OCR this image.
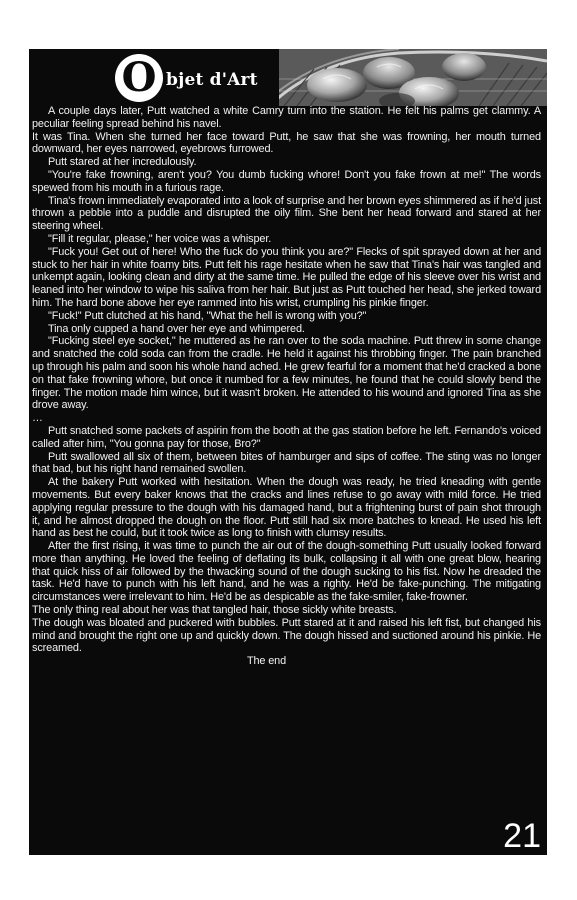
O bjet d'Art

A couple days later, Putt watched a white Camry turn into the station. He felt his palms get clammy. A peculiar feeling spread behind his navel.

It was Tina. When she turned her face toward Putt, he saw that she was frowning, her mouth turned downward, her eyes narrowed, eyebrows furrowed.

Putt stared at her incredulously.

"You're fake frowning, aren't you? You dumb fucking whore! Don't you fake frown at me!" The words spewed from his mouth in a furious rage.

Tina's frown immediately evaporated into a look of surprise and her brown eyes shimmered as if he'd just thrown a pebble into a puddle and disrupted the oily film. She bent her head forward and stared at her steering wheel.

"Fill it regular, please," her voice was a whisper.

"Fuck you! Get out of here! Who the fuck do you think you are?" Flecks of spit sprayed down at her and stuck to her hair in white foamy bits. Putt felt his rage hesitate when he saw that Tina's hair was tangled and unkempt again, looking clean and dirty at the same time. He pulled the edge of his sleeve over his wrist and leaned into her window to wipe his saliva from her hair. But just as Putt touched her head, she jerked toward him. The hard bone above her eye rammed into his wrist, crumpling his pinkie finger.

"Fuck!" Putt clutched at his hand, "What the hell is wrong with you?"

Tina only cupped a hand over her eye and whimpered.

"Fucking steel eye socket," he muttered as he ran over to the soda machine. Putt threw in some change and snatched the cold soda can from the cradle. He held it against his throbbing finger. The pain branched up through his palm and soon his whole hand ached. He grew fearful for a moment that he'd cracked a bone on that fake frowning whore, but once it numbed for a few minutes, he found that he could slowly bend the finger. The motion made him wince, but it wasn't broken. He attended to his wound and ignored Tina as she drove away.

…

Putt snatched some packets of aspirin from the booth at the gas station before he left. Fernando's voiced called after him, "You gonna pay for those, Bro?"

Putt swallowed all six of them, between bites of hamburger and sips of coffee. The sting was no longer that bad, but his right hand remained swollen.

At the bakery Putt worked with hesitation. When the dough was ready, he tried kneading with gentle movements. But every baker knows that the cracks and lines refuse to go away with mild force. He tried applying regular pressure to the dough with his damaged hand, but a frightening burst of pain shot through it, and he almost dropped the dough on the floor. Putt still had six more batches to knead. He used his left hand as best he could, but it took twice as long to finish with clumsy results.

After the first rising, it was time to punch the air out of the dough-something Putt usually looked forward more than anything. He loved the feeling of deflating its bulk, collapsing it all with one great blow, hearing that quick hiss of air followed by the thwacking sound of the dough sucking to his fist. Now he dreaded the task. He'd have to punch with his left hand, and he was a righty. He'd be fake-punching. The mitigating circumstances were irrelevant to him. He'd be as despicable as the fake-smiler, fake-frowner.

The only thing real about her was that tangled hair, those sickly white breasts.

The dough was bloated and puckered with bubbles. Putt stared at it and raised his left fist, but changed his mind and brought the right one up and quickly down. The dough hissed and suctioned around his pinkie. He screamed.

The end

21
